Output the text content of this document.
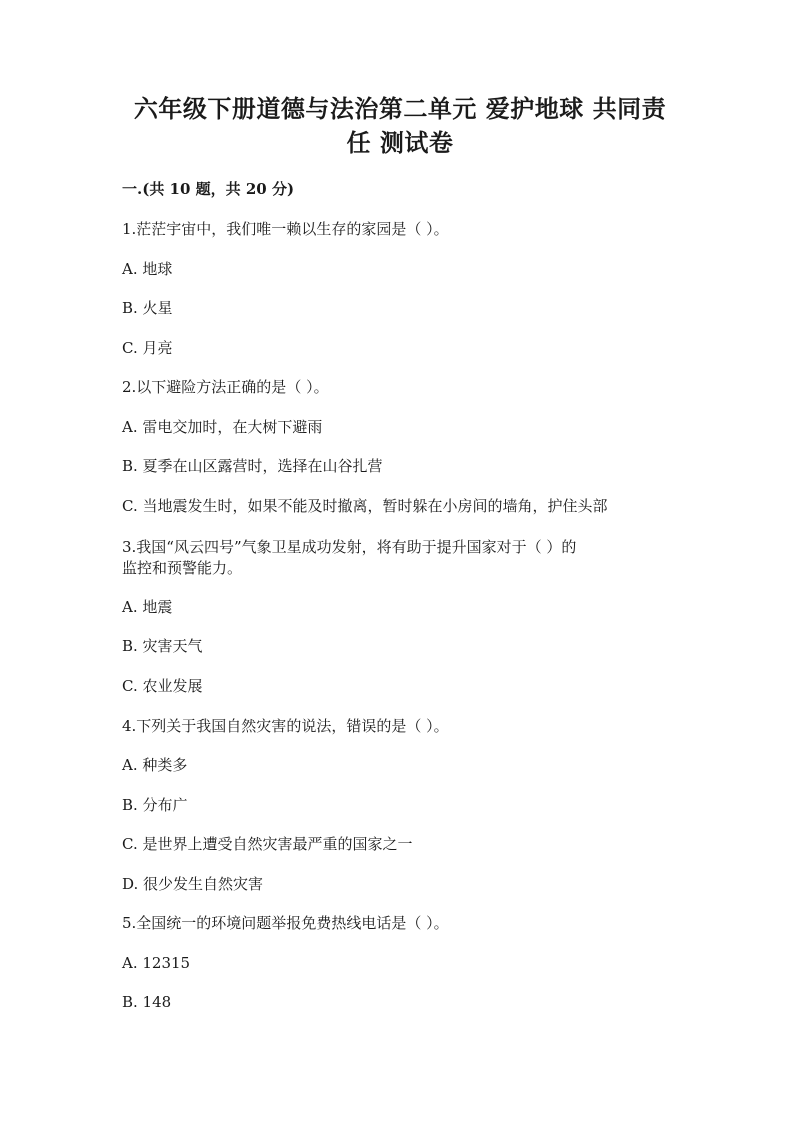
六年级下册道德与法治第二单元 爱护地球 共同责
任 测试卷
一.(共 10 题，共 20 分)
1.茫茫宇宙中，我们唯一赖以生存的家园是（ ）。
A. 地球
B. 火星
C. 月亮
2.以下避险方法正确的是（ ）。
A. 雷电交加时，在大树下避雨
B. 夏季在山区露营时，选择在山谷扎营
C. 当地震发生时，如果不能及时撤离，暂时躲在小房间的墙角，护住头部
3.我国“风云四号”气象卫星成功发射，将有助于提升国家对于（ ）的
监控和预警能力。
A. 地震
B. 灾害天气
C. 农业发展
4.下列关于我国自然灾害的说法，错误的是（ ）。
A. 种类多
B. 分布广
C. 是世界上遭受自然灾害最严重的国家之一
D. 很少发生自然灾害
5.全国统一的环境问题举报免费热线电话是（ ）。
A. 12315
B. 148
